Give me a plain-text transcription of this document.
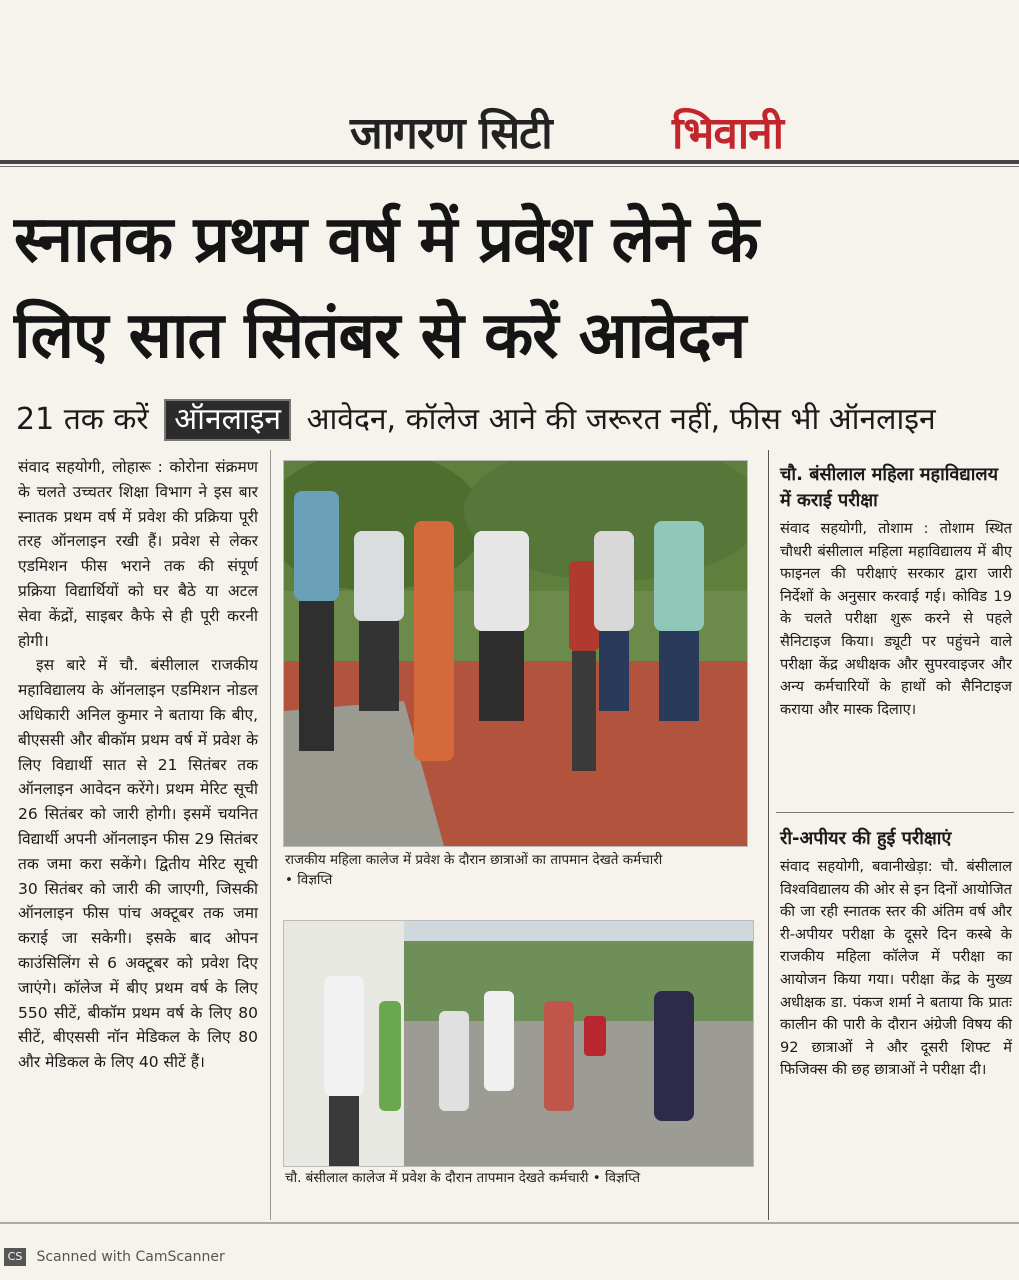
जागरण सिटी	भिवानी
स्नातक प्रथम वर्ष में प्रवेश लेने के
लिए सात सितंबर से करें आवेदन
21 तक करें ऑनलाइन आवेदन, कॉलेज आने की जरूरत नहीं, फीस भी ऑनलाइन

संवाद सहयोगी, लोहारू : कोरोना संक्रमण के चलते उच्चतर शिक्षा विभाग ने इस बार स्नातक प्रथम वर्ष में प्रवेश की प्रक्रिया पूरी तरह ऑनलाइन रखी हैं। प्रवेश से लेकर एडमिशन फीस भराने तक की संपूर्ण प्रक्रिया विद्यार्थियों को घर बैठे या अटल सेवा केंद्रों, साइबर कैफे से ही पूरी करनी होगी।

इस बारे में चौ. बंसीलाल राजकीय महाविद्यालय के ऑनलाइन एडमिशन नोडल अधिकारी अनिल कुमार ने बताया कि बीए, बीएससी और बीकॉम प्रथम वर्ष में प्रवेश के लिए विद्यार्थी सात से 21 सितंबर तक ऑनलाइन आवेदन करेंगे। प्रथम मेरिट सूची 26 सितंबर को जारी होगी। इसमें चयनित विद्यार्थी अपनी ऑनलाइन फीस 29 सितंबर तक जमा करा सकेंगे। द्वितीय मेरिट सूची 30 सितंबर को जारी की जाएगी, जिसकी ऑनलाइन फीस पांच अक्टूबर तक जमा कराई जा सकेगी। इसके बाद ओपन काउंसिलिंग से 6 अक्टूबर को प्रवेश दिए जाएंगे। कॉलेज में बीए प्रथम वर्ष के लिए 550 सीटें, बीकॉम प्रथम वर्ष के लिए 80 सीटें, बीएससी नॉन मेडिकल के लिए 80 और मेडिकल के लिए 40 सीटें हैं।

राजकीय महिला कालेज में प्रवेश के दौरान छात्राओं का तापमान देखते कर्मचारी
• विज्ञप्ति
चौ. बंसीलाल कालेज में प्रवेश के दौरान तापमान देखते कर्मचारी • विज्ञप्ति
चौ. बंसीलाल महिला महाविद्यालय में कराई परीक्षा

संवाद सहयोगी, तोशाम : तोशाम स्थित चौधरी बंसीलाल महिला महाविद्यालय में बीए फाइनल की परीक्षाएं सरकार द्वारा जारी निर्देशों के अनुसार करवाई गई। कोविड 19 के चलते परीक्षा शुरू करने से पहले सैनिटाइज किया। ड्यूटी पर पहुंचने वाले परीक्षा केंद्र अधीक्षक और सुपरवाइजर और अन्य कर्मचारियों के हाथों को सैनिटाइज कराया और मास्क दिलाए।

री-अपीयर की हुई परीक्षाएं

संवाद सहयोगी, बवानीखेड़ा: चौ. बंसीलाल विश्वविद्यालय की ओर से इन दिनों आयोजित की जा रही स्नातक स्तर की अंतिम वर्ष और री-अपीयर परीक्षा के दूसरे दिन कस्बे के राजकीय महिला कॉलेज में परीक्षा का आयोजन किया गया। परीक्षा केंद्र के मुख्य अधीक्षक डा. पंकज शर्मा ने बताया कि प्रातः कालीन की पारी के दौरान अंग्रेजी विषय की 92 छात्राओं ने और दूसरी शिफ्ट में फिजिक्स की छह छात्राओं ने परीक्षा दी।

CS Scanned with CamScanner
